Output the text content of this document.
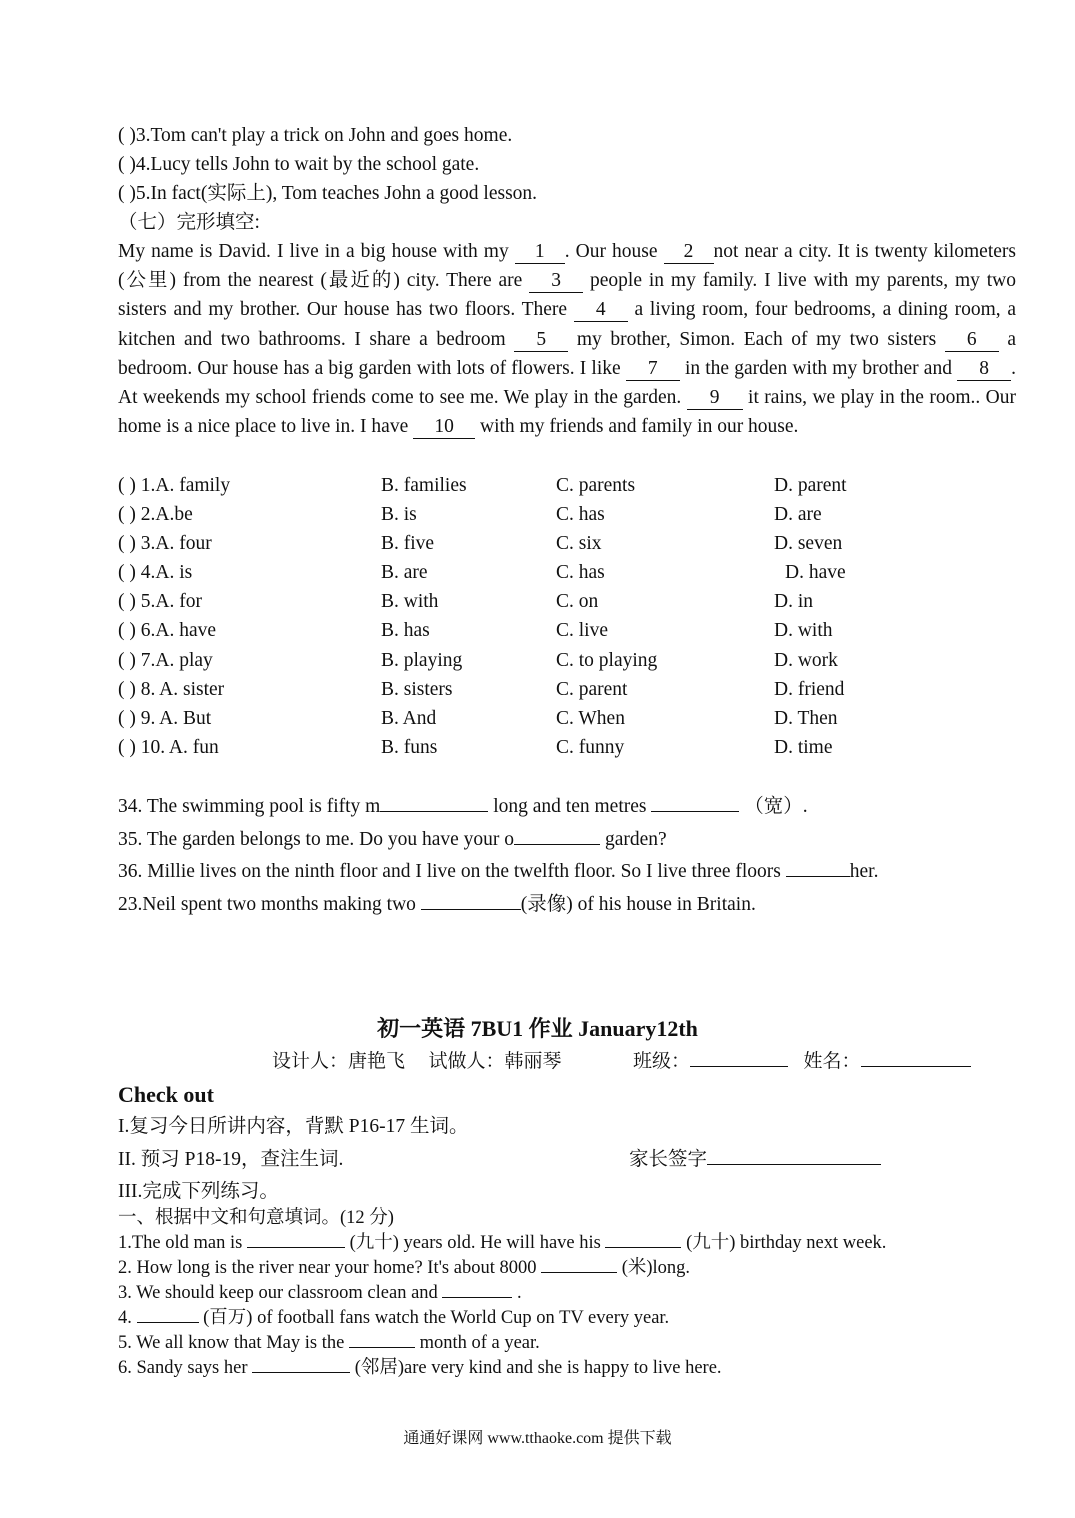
( )3.Tom can't play a trick on John and goes home.
( )4.Lucy tells John to wait by the school gate.
( )5.In fact(实际上), Tom teaches John a good lesson.
（七）完形填空:
My name is David. I live in a big house with my 1 . Our house 2 not near a city. It is twenty kilometers (公里) from the nearest (最近的) city. There are 3 people in my family. I live with my parents, my two sisters and my brother. Our house has two floors. There 4 a living room, four bedrooms, a dining room, a kitchen and two bathrooms. I share a bedroom 5 my brother, Simon. Each of my two sisters 6 a bedroom. Our house has a big garden with lots of flowers. I like 7 in the garden with my brother and 8 . At weekends my school friends come to see me. We play in the garden. 9 it rains, we play in the room.. Our home is a nice place to live in. I have 10 with my friends and family in our house.
( ) 1.A. family	B. families	C. parents	D. parent
( ) 2.A.be	B. is	C. has	D. are
( ) 3.A. four	B. five	C. six	D. seven
( ) 4.A. is	B. are	C. has	D. have
( ) 5.A. for	B. with	C. on	D. in
( ) 6.A. have	B. has	C. live	D. with
( ) 7.A. play	B. playing	C. to playing	D. work
( ) 8. A. sister	B. sisters	C. parent	D. friend
( ) 9. A. But	B. And	C. When	D. Then
( ) 10. A. fun	B. funs	C. funny	D. time
34. The swimming pool is fifty m	long and ten metres	（宽）.
35. The garden belongs to me. Do you have your o	garden?
36. Millie lives on the ninth floor and I live on the twelfth floor. So I live three floors	her.
23.Neil spent two months making two	(录像) of his house in Britain.
初一英语 7BU1 作业 January12th
设计人：唐艳飞 试做人：韩丽琴	班级：	姓名：
Check out
I.复习今日所讲内容，背默 P16-17 生词。
II. 预习 P18-19，查注生词.	家长签字
III.完成下列练习。
一、根据中文和句意填词。(12 分)
1.The old man is	(九十) years old. He will have his	(九十) birthday next week.
2. How long is the river near your home? It's about 8000	(米)long.
3. We should keep our classroom clean and	.
4.	(百万) of football fans watch the World Cup on TV every year.
5. We all know that May is the	month of a year.
6. Sandy says her	(邻居)are very kind and she is happy to live here.
通通好课网 www.tthaoke.com 提供下载
